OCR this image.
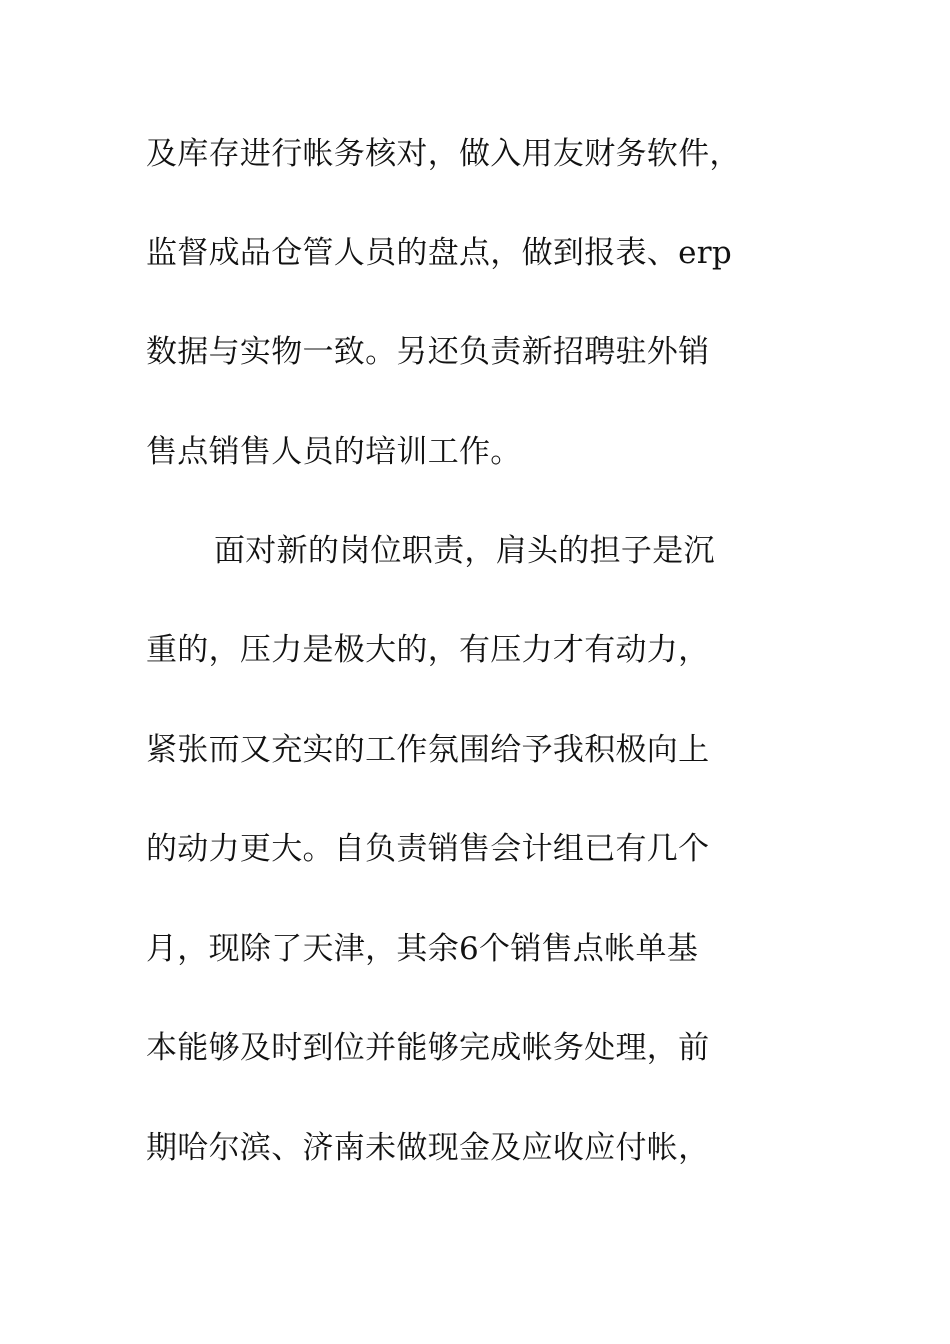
及库存进行帐务核对，做入用友财务软件，
监督成品仓管人员的盘点，做到报表、erp
数据与实物一致。另还负责新招聘驻外销
售点销售人员的培训工作。
面对新的岗位职责，肩头的担子是沉
重的，压力是极大的，有压力才有动力，
紧张而又充实的工作氛围给予我积极向上
的动力更大。自负责销售会计组已有几个
月，现除了天津，其余6个销售点帐单基
本能够及时到位并能够完成帐务处理，前
期哈尔滨、济南未做现金及应收应付帐，
